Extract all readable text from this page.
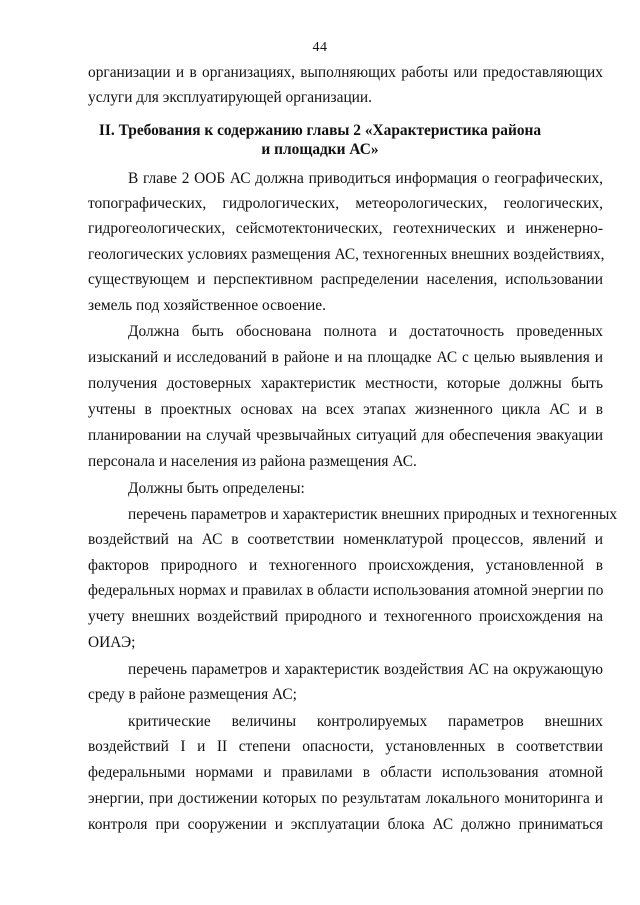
44
организации и в организациях, выполняющих работы или предоставляющих
услуги для эксплуатирующей организации.
II. Требования к содержанию главы 2 «Характеристика района
и площадки АС»
В главе 2 ООБ АС должна приводиться информация о географических,
топографических, гидрологических, метеорологических, геологических,
гидрогеологических, сейсмотектонических, геотехнических и инженерно-
геологических условиях размещения АС, техногенных внешних воздействиях,
существующем и перспективном распределении населения, использовании
земель под хозяйственное освоение.
Должна быть обоснована полнота и достаточность проведенных
изысканий и исследований в районе и на площадке АС с целью выявления и
получения достоверных характеристик местности, которые должны быть
учтены в проектных основах на всех этапах жизненного цикла АС и в
планировании на случай чрезвычайных ситуаций для обеспечения эвакуации
персонала и населения из района размещения АС.
Должны быть определены:
перечень параметров и характеристик внешних природных и техногенных
воздействий на АС в соответствии номенклатурой процессов, явлений и
факторов природного и техногенного происхождения, установленной в
федеральных нормах и правилах в области использования атомной энергии по
учету внешних воздействий природного и техногенного происхождения на
ОИАЭ;
перечень параметров и характеристик воздействия АС на окружающую
среду в районе размещения АС;
критические величины контролируемых параметров внешних
воздействий I и II степени опасности, установленных в соответствии
федеральными нормами и правилами в области использования атомной
энергии, при достижении которых по результатам локального мониторинга и
контроля при сооружении и эксплуатации блока АС должно приниматься
